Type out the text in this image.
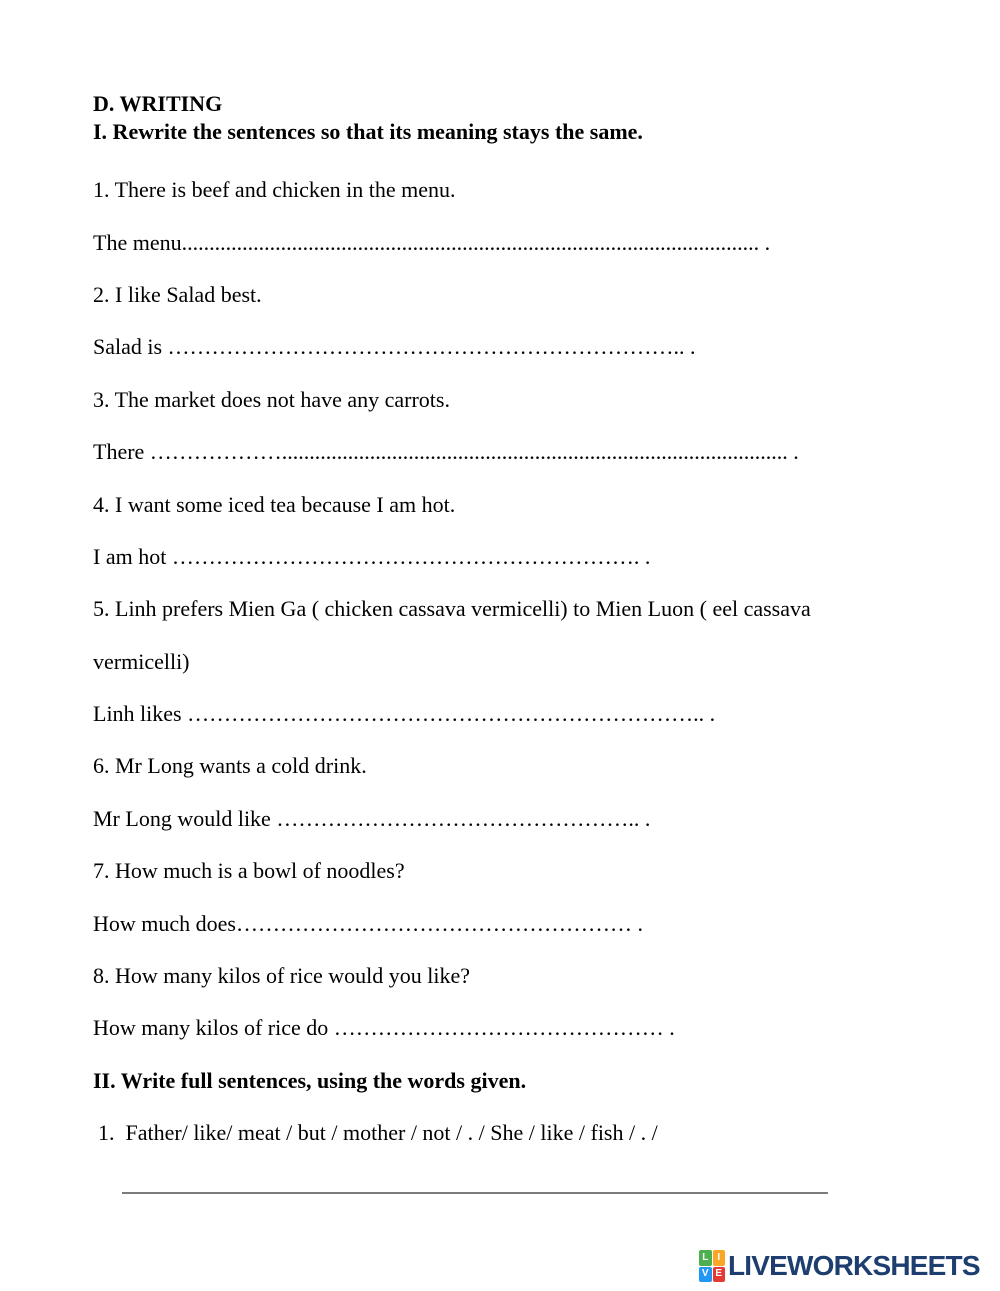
D. WRITING
I. Rewrite the sentences so that its meaning stays the same.
1. There is beef and chicken in the menu.
The menu......................................................................................................... .
2. I like Salad best.
Salad is …………………………………………………………….. .
3. The market does not have any carrots.
There ………………............................................................................................ .
4. I want some iced tea because I am hot.
I am hot ………………………………………………………. .
5. Linh prefers Mien Ga ( chicken cassava vermicelli) to Mien Luon ( eel cassava
vermicelli)
Linh likes …………………………………………………………….. .
6. Mr Long wants a cold drink.
Mr Long would like ………………………………………….. .
7. How much is a bowl of noodles?
How much does……………………………………………… .
8. How many kilos of rice would you like?
How many kilos of rice do ……………………………………… .
II. Write full sentences, using the words given.
1.  Father/ like/ meat / but / mother / not / . / She / like / fish / . /
L I
V E LIVEWORKSHEETS
